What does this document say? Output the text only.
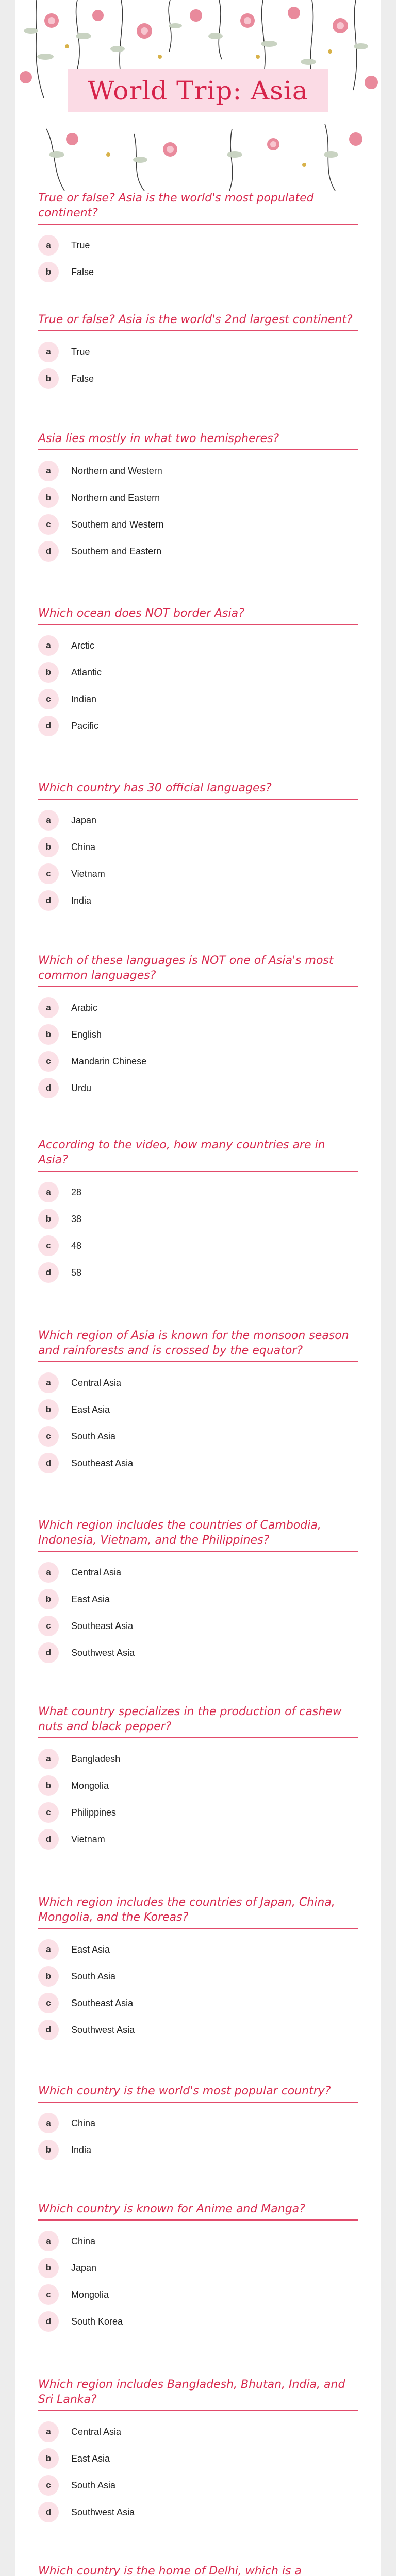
World Trip: Asia
True or false? Asia is the world's most populated continent?
a	True
b	False
True or false? Asia is the world's 2nd largest continent?
a	True
b	False
Asia lies mostly in what two hemispheres?
a	Northern and Western
b	Northern and Eastern
c	Southern and Western
d	Southern and Eastern
Which ocean does NOT border Asia?
a	Arctic
b	Atlantic
c	Indian
d	Pacific
Which country has 30 official languages?
a	Japan
b	China
c	Vietnam
d	India
Which of these languages is NOT one of Asia's most common languages?
a	Arabic
b	English
c	Mandarin Chinese
d	Urdu
According to the video, how many countries are in Asia?
a	28
b	38
c	48
d	58
Which region of Asia is known for the monsoon season and rainforests and is crossed by the equator?
a	Central Asia
b	East Asia
c	South Asia
d	Southeast Asia
Which region includes the countries of Cambodia, Indonesia, Vietnam, and the Philippines?
a	Central Asia
b	East Asia
c	Southeast Asia
d	Southwest Asia
What country specializes in the production of cashew nuts and black pepper?
a	Bangladesh
b	Mongolia
c	Philippines
d	Vietnam
Which region includes the countries of Japan, China, Mongolia, and the Koreas?
a	East Asia
b	South Asia
c	Southeast Asia
d	Southwest Asia
Which country is the world's most popular country?
a	China
b	India
Which country is known for Anime and Manga?
a	China
b	Japan
c	Mongolia
d	South Korea
Which region includes Bangladesh, Bhutan, India, and Sri Lanka?
a	Central Asia
b	East Asia
c	South Asia
d	Southwest Asia
Which country is the home of Delhi, which is a
